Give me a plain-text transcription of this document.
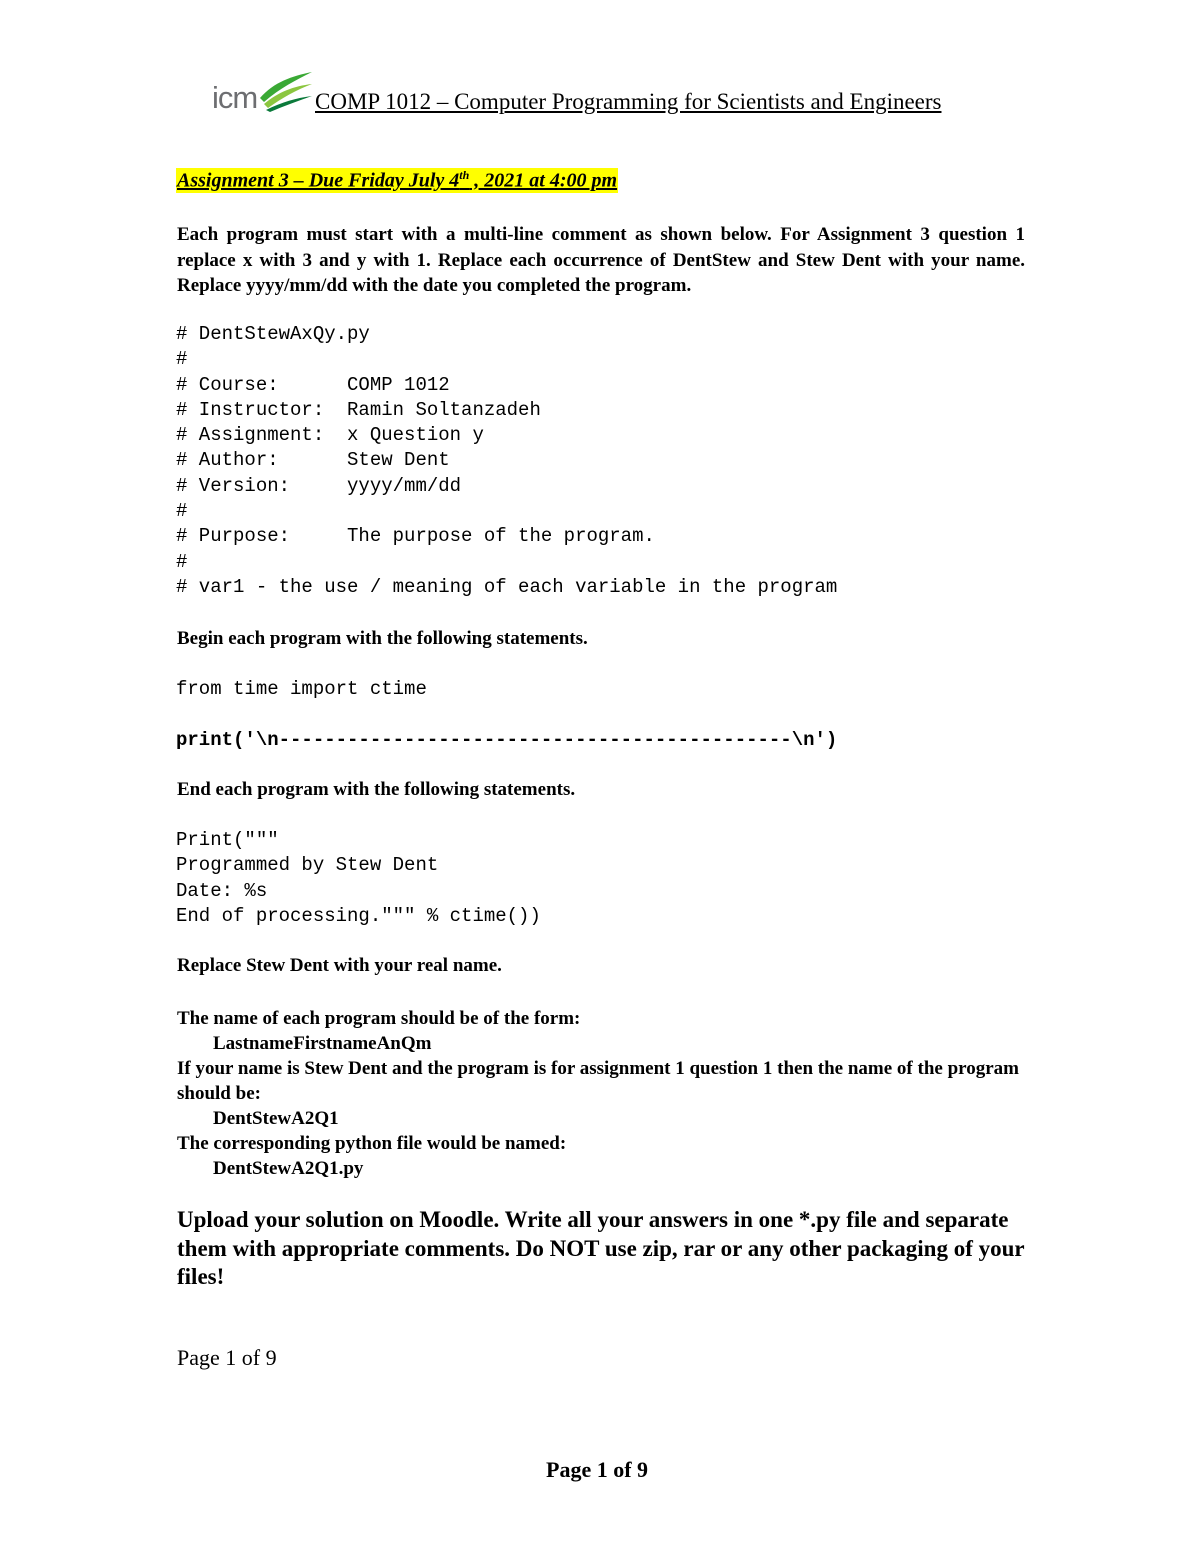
icm	COMP 1012 – Computer Programming for Scientists and Engineers
Assignment 3 – Due Friday July 4th , 2021 at 4:00 pm
Each program must start with a multi-line comment as shown below. For Assignment 3 question 1 replace x with 3 and y with 1. Replace each occurrence of DentStew and Stew Dent with your name. Replace yyyy/mm/dd with the date you completed the program.
# DentStewAxQy.py
#
# Course:      COMP 1012
# Instructor:  Ramin Soltanzadeh
# Assignment:  x Question y
# Author:      Stew Dent
# Version:     yyyy/mm/dd
#
# Purpose:     The purpose of the program.
#
# var1 - the use / meaning of each variable in the program
Begin each program with the following statements.
from time import ctime
print('\n---------------------------------------------\n')
End each program with the following statements.
Print("""
Programmed by Stew Dent
Date: %s
End of processing.""" % ctime())
Replace Stew Dent with your real name.
The name of each program should be of the form:
LastnameFirstnameAnQm
If your name is Stew Dent and the program is for assignment 1 question 1 then the name of the program should be:
DentStewA2Q1
The corresponding python file would be named:
DentStewA2Q1.py
Upload your solution on Moodle. Write all your answers in one *.py file and separate them with appropriate comments. Do NOT use zip, rar or any other packaging of your files!
Page 1 of 9
Page 1 of 9
